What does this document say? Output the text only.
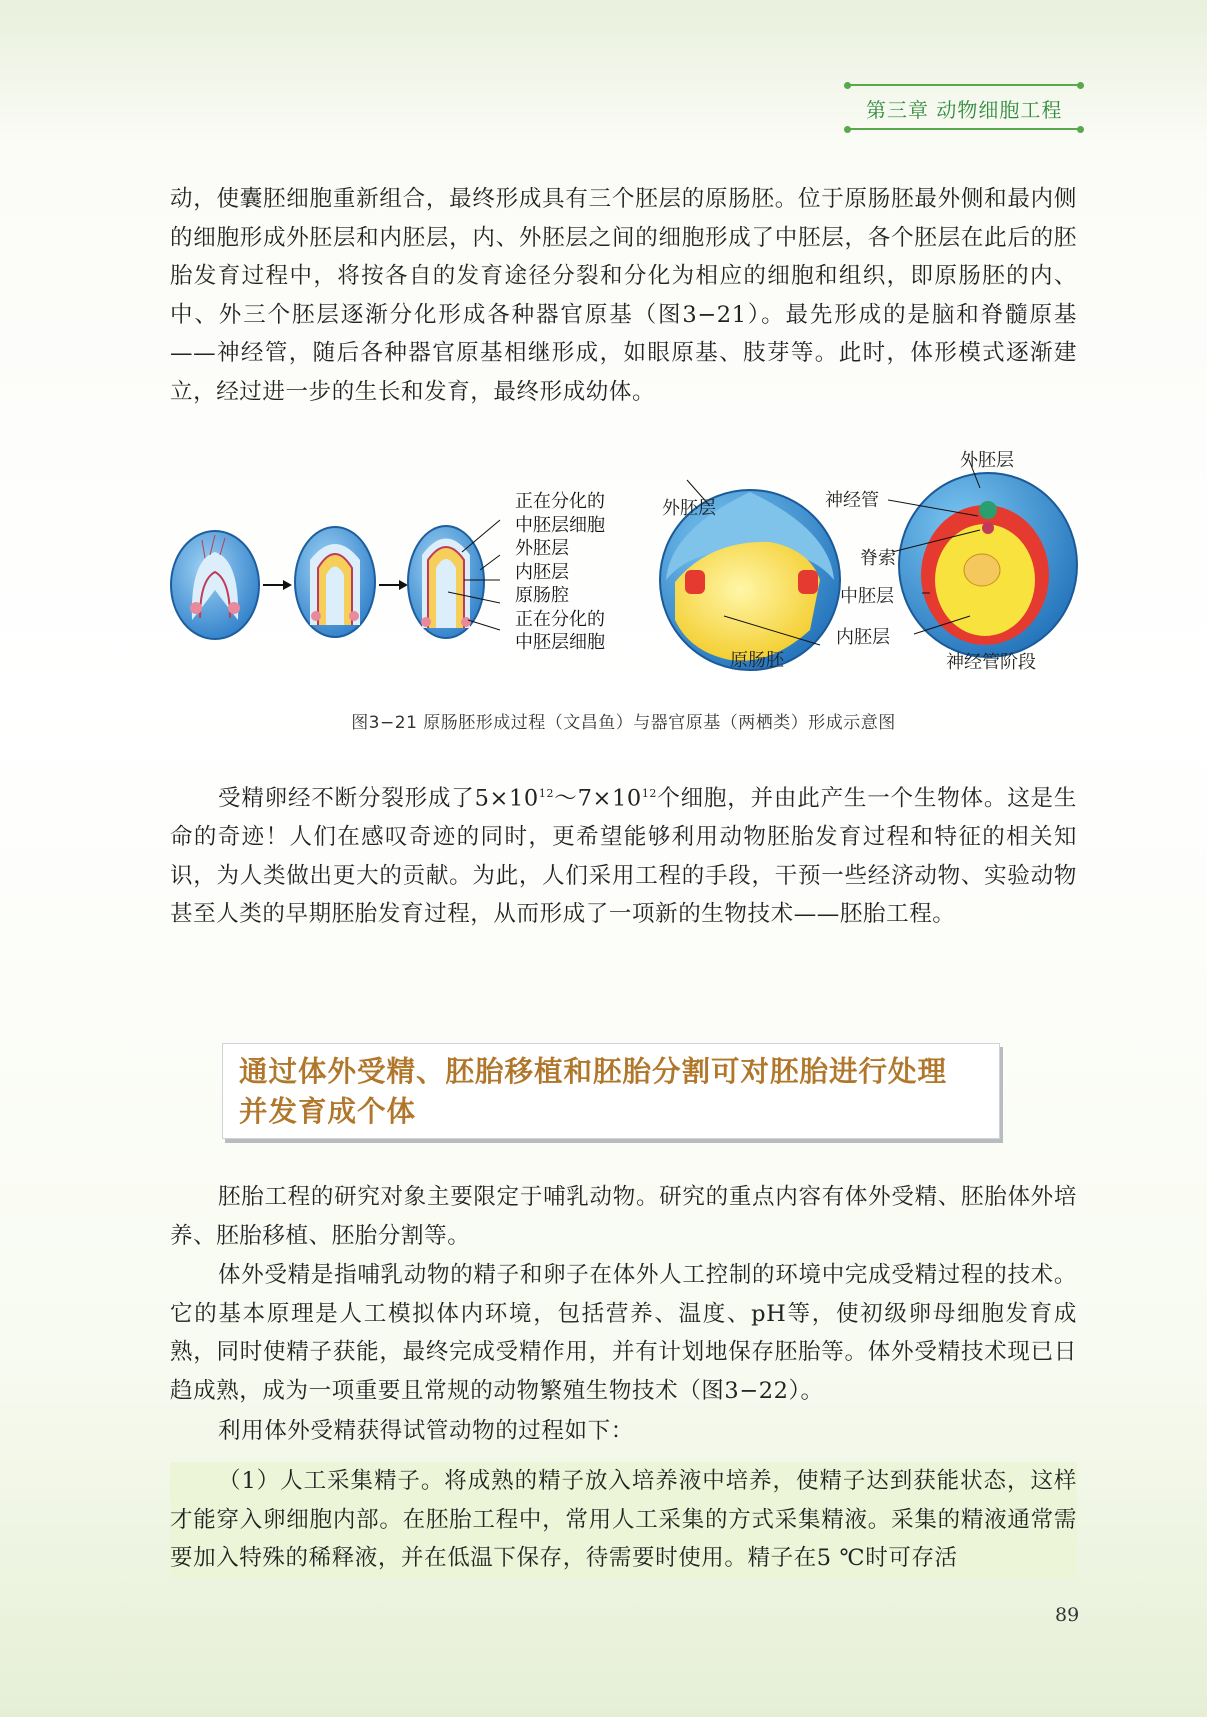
第三章 动物细胞工程
动，使囊胚细胞重新组合，最终形成具有三个胚层的原肠胚。位于原肠胚最外侧和最内侧的细胞形成外胚层和内胚层，内、外胚层之间的细胞形成了中胚层，各个胚层在此后的胚胎发育过程中，将按各自的发育途径分裂和分化为相应的细胞和组织，即原肠胚的内、中、外三个胚层逐渐分化形成各种器官原基（图3−21）。最先形成的是脑和脊髓原基——神经管，随后各种器官原基相继形成，如眼原基、肢芽等。此时，体形模式逐渐建立，经过进一步的生长和发育，最终形成幼体。
正在分化的
中胚层细胞
外胚层
内胚层
原肠腔
正在分化的
中胚层细胞
外胚层
原肠胚
外胚层
神经管
脊索
中胚层
内胚层
神经管阶段
图3−21 原肠胚形成过程（文昌鱼）与器官原基（两栖类）形成示意图
受精卵经不断分裂形成了$5\times 10^{12}\sim 7\times 10^{12}$个细胞，并由此产生一个生物体。这是生命的奇迹！人们在感叹奇迹的同时，更希望能够利用动物胚胎发育过程和特征的相关知识，为人类做出更大的贡献。为此，人们采用工程的手段，干预一些经济动物、实验动物甚至人类的早期胚胎发育过程，从而形成了一项新的生物技术——胚胎工程。
通过体外受精、胚胎移植和胚胎分割可对胚胎进行处理
并发育成个体
胚胎工程的研究对象主要限定于哺乳动物。研究的重点内容有体外受精、胚胎体外培养、胚胎移植、胚胎分割等。
体外受精是指哺乳动物的精子和卵子在体外人工控制的环境中完成受精过程的技术。它的基本原理是人工模拟体内环境，包括营养、温度、pH等，使初级卵母细胞发育成熟，同时使精子获能，最终完成受精作用，并有计划地保存胚胎等。体外受精技术现已日趋成熟，成为一项重要且常规的动物繁殖生物技术（图3−22）。
利用体外受精获得试管动物的过程如下：
（1）人工采集精子。将成熟的精子放入培养液中培养，使精子达到获能状态，这样才能穿入卵细胞内部。在胚胎工程中，常用人工采集的方式采集精液。采集的精液通常需要加入特殊的稀释液，并在低温下保存，待需要时使用。精子在5 ℃时可存活
89
